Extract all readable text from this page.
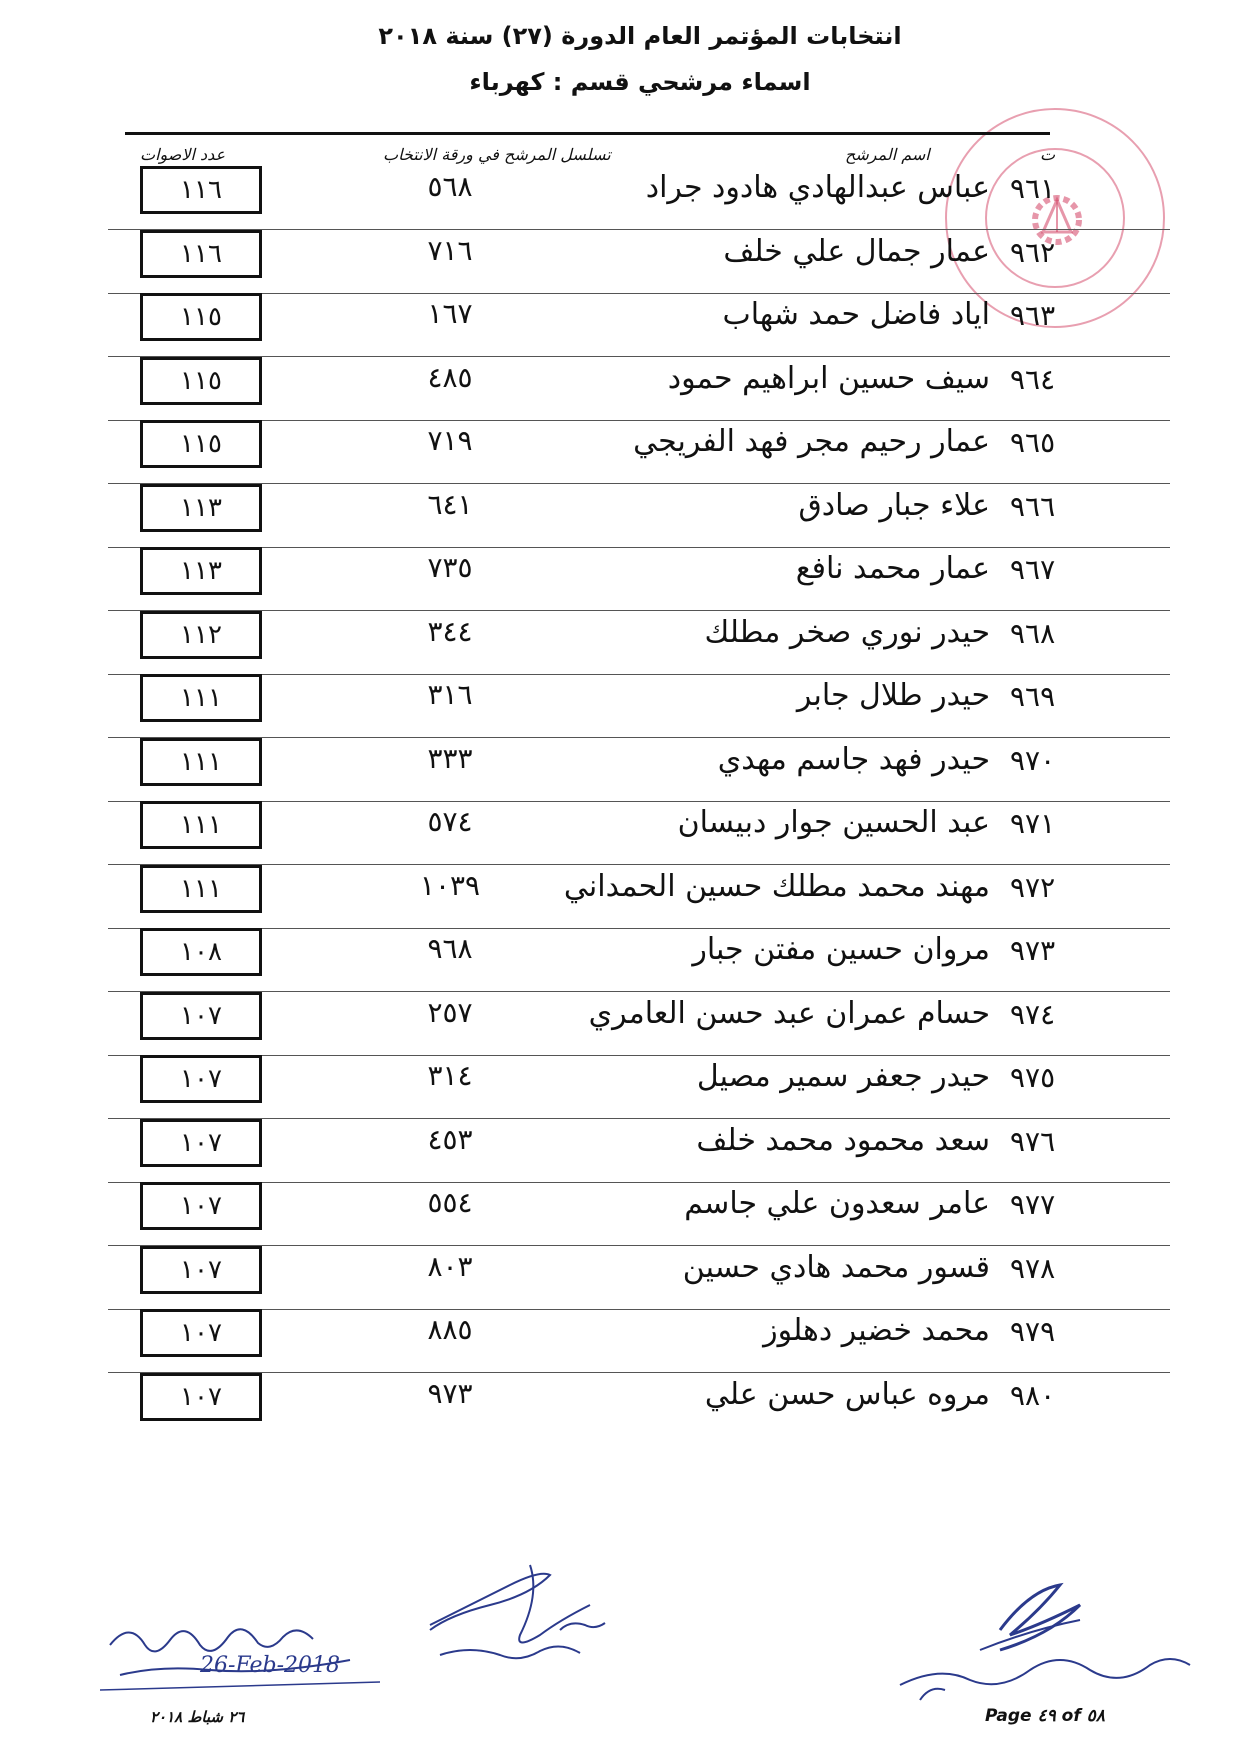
انتخابات المؤتمر العام الدورة (٢٧) سنة ٢٠١٨
اسماء مرشحي قسم : كهرباء
ت
اسم المرشح
تسلسل المرشح في ورقة الانتخاب
عدد الاصوات
٩٦١
عباس عبدالهادي هادود جراد
٥٦٨
١١٦
٩٦٢
عمار جمال علي خلف
٧١٦
١١٦
٩٦٣
اياد فاضل حمد شهاب
١٦٧
١١٥
٩٦٤
سيف حسين ابراهيم حمود
٤٨٥
١١٥
٩٦٥
عمار رحيم مجر فهد الفريجي
٧١٩
١١٥
٩٦٦
علاء جبار صادق
٦٤١
١١٣
٩٦٧
عمار محمد نافع
٧٣٥
١١٣
٩٦٨
حيدر نوري صخر مطلك
٣٤٤
١١٢
٩٦٩
حيدر طلال جابر
٣١٦
١١١
٩٧٠
حيدر فهد جاسم مهدي
٣٣٣
١١١
٩٧١
عبد الحسين جوار دبيسان
٥٧٤
١١١
٩٧٢
مهند محمد مطلك حسين الحمداني
١٠٣٩
١١١
٩٧٣
مروان حسين مفتن جبار
٩٦٨
١٠٨
٩٧٤
حسام عمران عبد حسن العامري
٢٥٧
١٠٧
٩٧٥
حيدر جعفر سمير مصيل
٣١٤
١٠٧
٩٧٦
سعد محمود محمد خلف
٤٥٣
١٠٧
٩٧٧
عامر سعدون علي جاسم
٥٥٤
١٠٧
٩٧٨
قسور محمد هادي حسين
٨٠٣
١٠٧
٩٧٩
محمد خضير دهلوز
٨٨٥
١٠٧
٩٨٠
مروه عباس حسن علي
٩٧٣
١٠٧
26-Feb-2018
٢٦ شباط ٢٠١٨	Page ٤٩ of ٥٨
